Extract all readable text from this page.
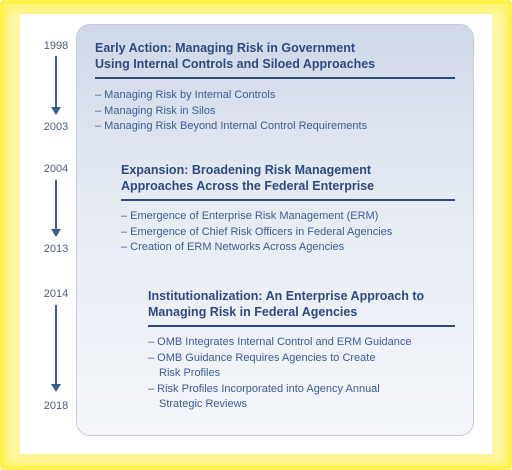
1998
2003
Early Action: Managing Risk in Government
Using Internal Controls and Siloed Approaches
– Managing Risk by Internal Controls
– Managing Risk in Silos
– Managing Risk Beyond Internal Control Requirements
2004
2013
Expansion: Broadening Risk Management
Approaches Across the Federal Enterprise
– Emergence of Enterprise Risk Management (ERM)
– Emergence of Chief Risk Officers in Federal Agencies
– Creation of ERM Networks Across Agencies
2014
2018
Institutionalization: An Enterprise Approach to
Managing Risk in Federal Agencies
– OMB Integrates Internal Control and ERM Guidance
– OMB Guidance Requires Agencies to Create
Risk Profiles
– Risk Profiles Incorporated into Agency Annual
Strategic Reviews
